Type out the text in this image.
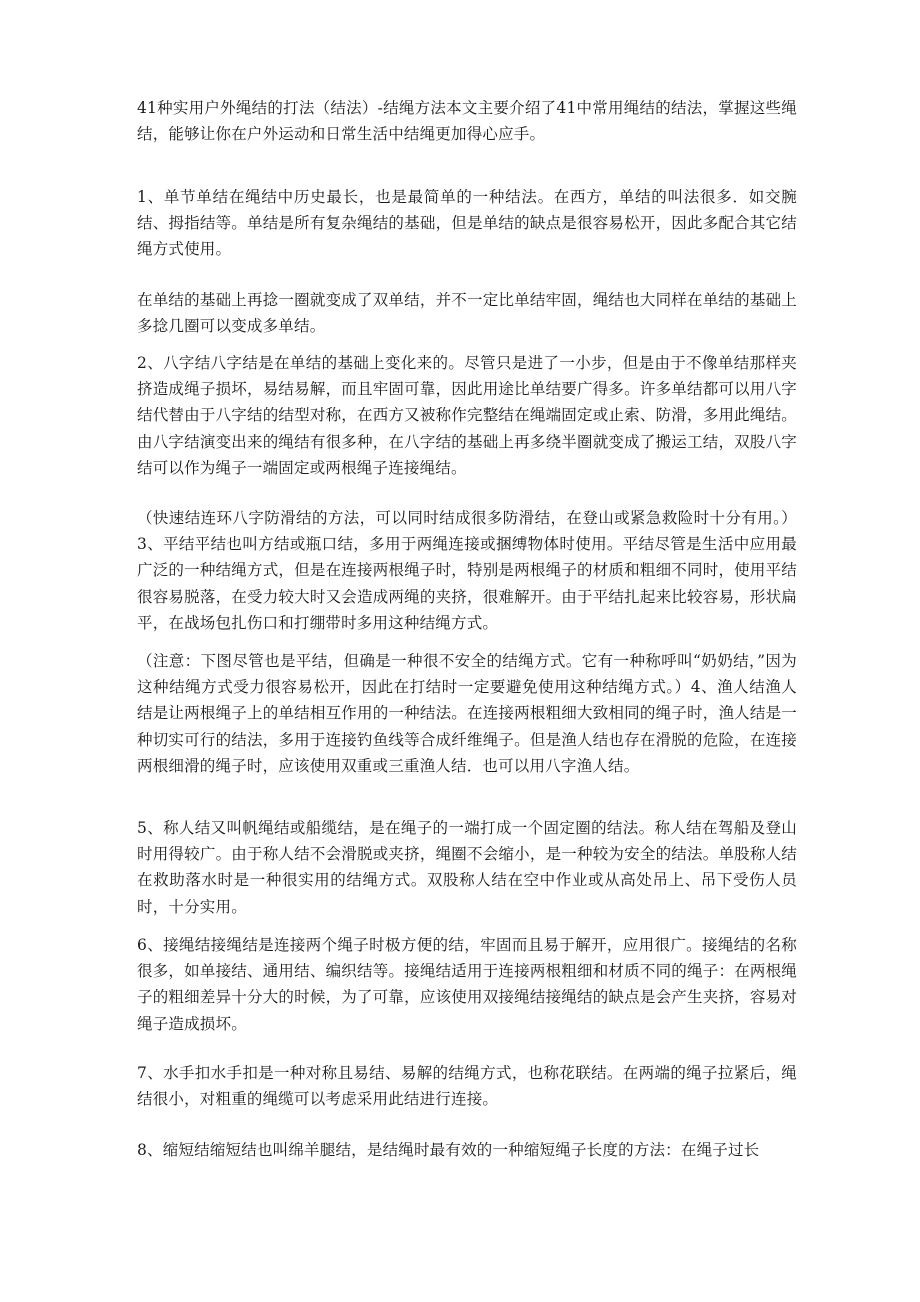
41种实用户外绳结的打法（结法）-结绳方法本文主要介绍了41中常用绳结的结法，掌握这些绳结，能够让你在户外运动和日常生活中结绳更加得心应手。

1、单节单结在绳结中历史最长，也是最简单的一种结法。在西方，单结的叫法很多．如交腕结、拇指结等。单结是所有复杂绳结的基础，但是单结的缺点是很容易松开，因此多配合其它结绳方式使用。

在单结的基础上再捻一圈就变成了双单结，并不一定比单结牢固，绳结也大同样在单结的基础上多捻几圈可以变成多单结。

2、八字结八字结是在单结的基础上变化来的。尽管只是进了一小步，但是由于不像单结那样夹挤造成绳子损坏，易结易解，而且牢固可靠，因此用途比单结要广得多。许多单结都可以用八字结代替由于八字结的结型对称，在西方又被称作完整结在绳端固定或止索、防滑，多用此绳结。由八字结演变出来的绳结有很多种，在八字结的基础上再多绕半圈就变成了搬运工结，双股八字结可以作为绳子一端固定或两根绳子连接绳结。

（快速结连环八字防滑结的方法，可以同时结成很多防滑结，在登山或紧急救险时十分有用。）3、平结平结也叫方结或瓶口结，多用于两绳连接或捆缚物体时使用。平结尽管是生活中应用最广泛的一种结绳方式，但是在连接两根绳子时，特别是两根绳子的材质和粗细不同时，使用平结很容易脱落，在受力较大时又会造成两绳的夹挤，很难解开。由于平结扎起来比较容易，形状扁平，在战场包扎伤口和打绷带时多用这种结绳方式。

（注意：下图尽管也是平结，但确是一种很不安全的结绳方式。它有一种称呼叫“奶奶结，”因为这种结绳方式受力很容易松开，因此在打结时一定要避免使用这种结绳方式。）4、渔人结渔人结是让两根绳子上的单结相互作用的一种结法。在连接两根粗细大致相同的绳子时，渔人结是一种切实可行的结法，多用于连接钓鱼线等合成纤维绳子。但是渔人结也存在滑脱的危险，在连接两根细滑的绳子时，应该使用双重或三重渔人结．也可以用八字渔人结。

5、称人结又叫帆绳结或船缆结，是在绳子的一端打成一个固定圈的结法。称人结在驾船及登山时用得较广。由于称人结不会滑脱或夹挤，绳圈不会缩小，是一种较为安全的结法。单股称人结在救助落水时是一种很实用的结绳方式。双股称人结在空中作业或从高处吊上、吊下受伤人员时，十分实用。

6、接绳结接绳结是连接两个绳子时极方便的结，牢固而且易于解开，应用很广。接绳结的名称很多，如单接结、通用结、编织结等。接绳结适用于连接两根粗细和材质不同的绳子：在两根绳子的粗细差异十分大的时候，为了可靠，应该使用双接绳结接绳结的缺点是会产生夹挤，容易对绳子造成损坏。

7、水手扣水手扣是一种对称且易结、易解的结绳方式，也称花联结。在两端的绳子拉紧后，绳结很小，对粗重的绳缆可以考虑采用此结进行连接。

8、缩短结缩短结也叫绵羊腿结，是结绳时最有效的一种缩短绳子长度的方法：在绳子过长
